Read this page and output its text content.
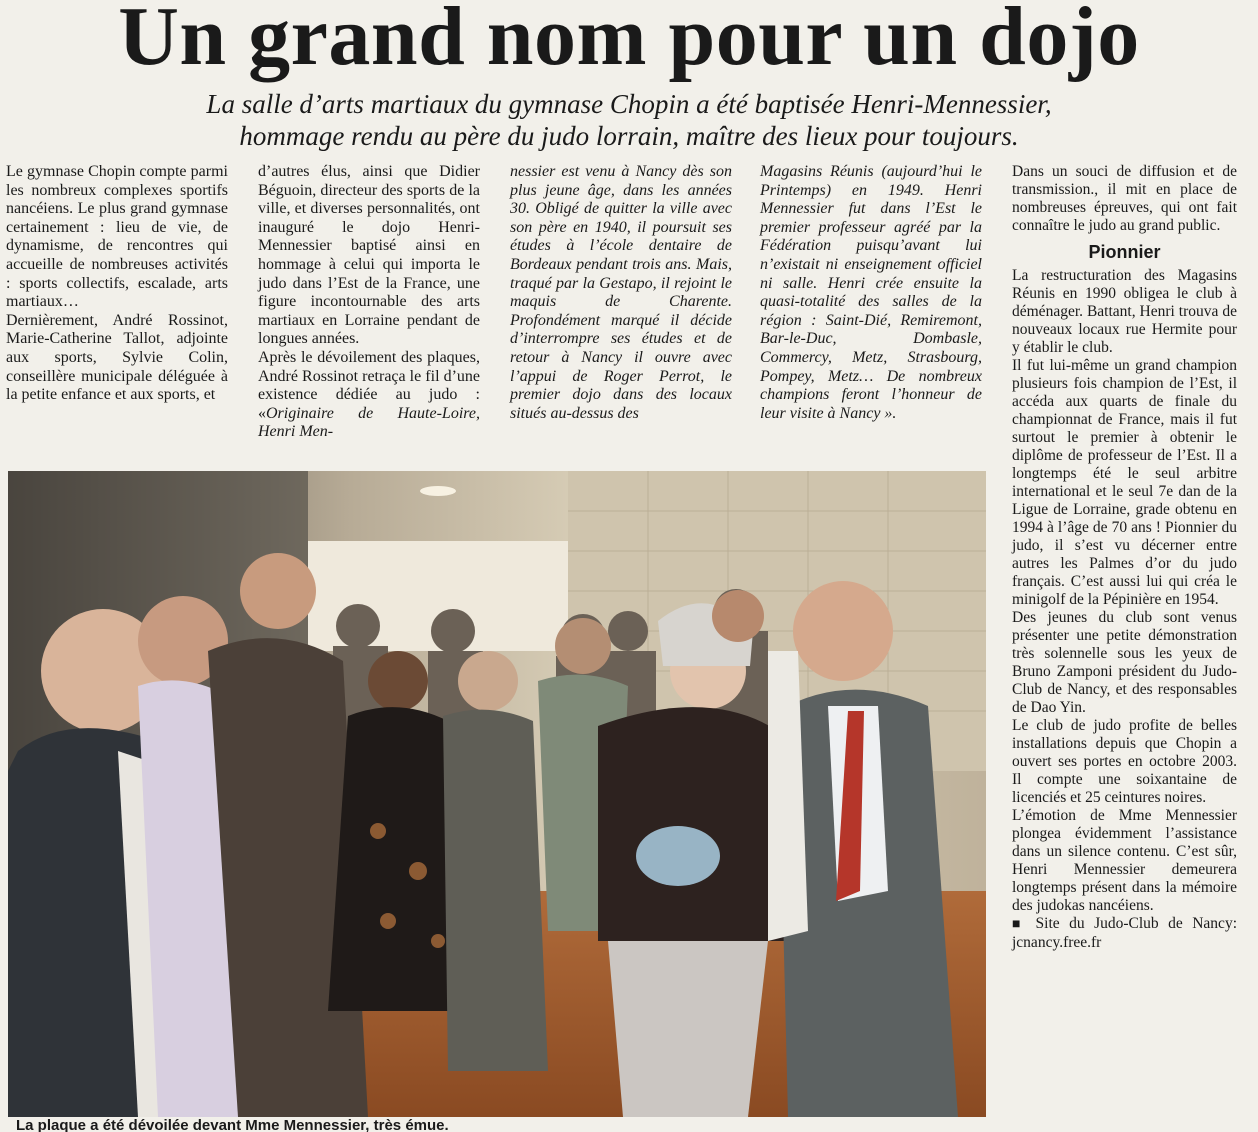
Un grand nom pour un dojo
La salle d’arts martiaux du gymnase Chopin a été baptisée Henri-Mennessier,
hommage rendu au père du judo lorrain, maître des lieux pour toujours.

Le gymnase Chopin compte parmi les nombreux complexes sportifs nancéiens. Le plus grand gymnase certainement : lieu de vie, de dynamisme, de rencontres qui accueille de nombreuses activités : sports collectifs, escalade, arts martiaux…

Dernièrement, André Rossinot, Marie-Catherine Tallot, adjointe aux sports, Sylvie Colin, conseillère municipale déléguée à la petite enfance et aux sports, et

d’autres élus, ainsi que Didier Béguoin, directeur des sports de la ville, et diverses personnalités, ont inauguré le dojo Henri-Mennessier baptisé ainsi en hommage à celui qui importa le judo dans l’Est de la France, une figure incontournable des arts martiaux en Lorraine pendant de longues années.

Après le dévoilement des plaques, André Rossinot retraça le fil d’une existence dédiée au judo : «Originaire de Haute-Loire, Henri Men-

nessier est venu à Nancy dès son plus jeune âge, dans les années 30. Obligé de quitter la ville avec son père en 1940, il poursuit ses études à l’école dentaire de Bordeaux pendant trois ans. Mais, traqué par la Gestapo, il rejoint le maquis de Charente. Profondément marqué il décide d’interrompre ses études et de retour à Nancy il ouvre avec l’appui de Roger Perrot, le premier dojo dans des locaux situés au-dessus des

Magasins Réunis (aujourd’hui le Printemps) en 1949. Henri Mennessier fut dans l’Est le premier professeur agréé par la Fédération puisqu’avant lui n’existait ni enseignement officiel ni salle. Henri crée ensuite la quasi-totalité des salles de la région : Saint-Dié, Remiremont, Bar-le-Duc, Dombasle, Commercy, Metz, Strasbourg, Pompey, Metz… De nombreux champions feront l’honneur de leur visite à Nancy ».

Dans un souci de diffusion et de transmission., il mit en place de nombreuses épreuves, qui ont fait connaître le judo au grand public.

Pionnier

La restructuration des Magasins Réunis en 1990 obligea le club à déménager. Battant, Henri trouva de nouveaux locaux rue Hermite pour y établir le club.

Il fut lui-même un grand champion plusieurs fois champion de l’Est, il accéda aux quarts de finale du championnat de France, mais il fut surtout le premier à obtenir le diplôme de professeur de l’Est. Il a longtemps été le seul arbitre international et le seul 7e dan de la Ligue de Lorraine, grade obtenu en 1994 à l’âge de 70 ans ! Pionnier du judo, il s’est vu décerner entre autres les Palmes d’or du judo français. C’est aussi lui qui créa le minigolf de la Pépinière en 1954.

Des jeunes du club sont venus présenter une petite démonstration très solennelle sous les yeux de Bruno Zamponi président du Judo-Club de Nancy, et des responsables de Dao Yin.

Le club de judo profite de belles installations depuis que Chopin a ouvert ses portes en octobre 2003. Il compte une soixantaine de licenciés et 25 ceintures noires.

L’émotion de Mme Mennessier plongea évidemment l’assistance dans un silence contenu. C’est sûr, Henri Mennessier demeurera longtemps présent dans la mémoire des judokas nancéiens.

■ Site du Judo-Club de Nancy: jcnancy.free.fr

La plaque a été dévoilée devant Mme Mennessier, très émue.
